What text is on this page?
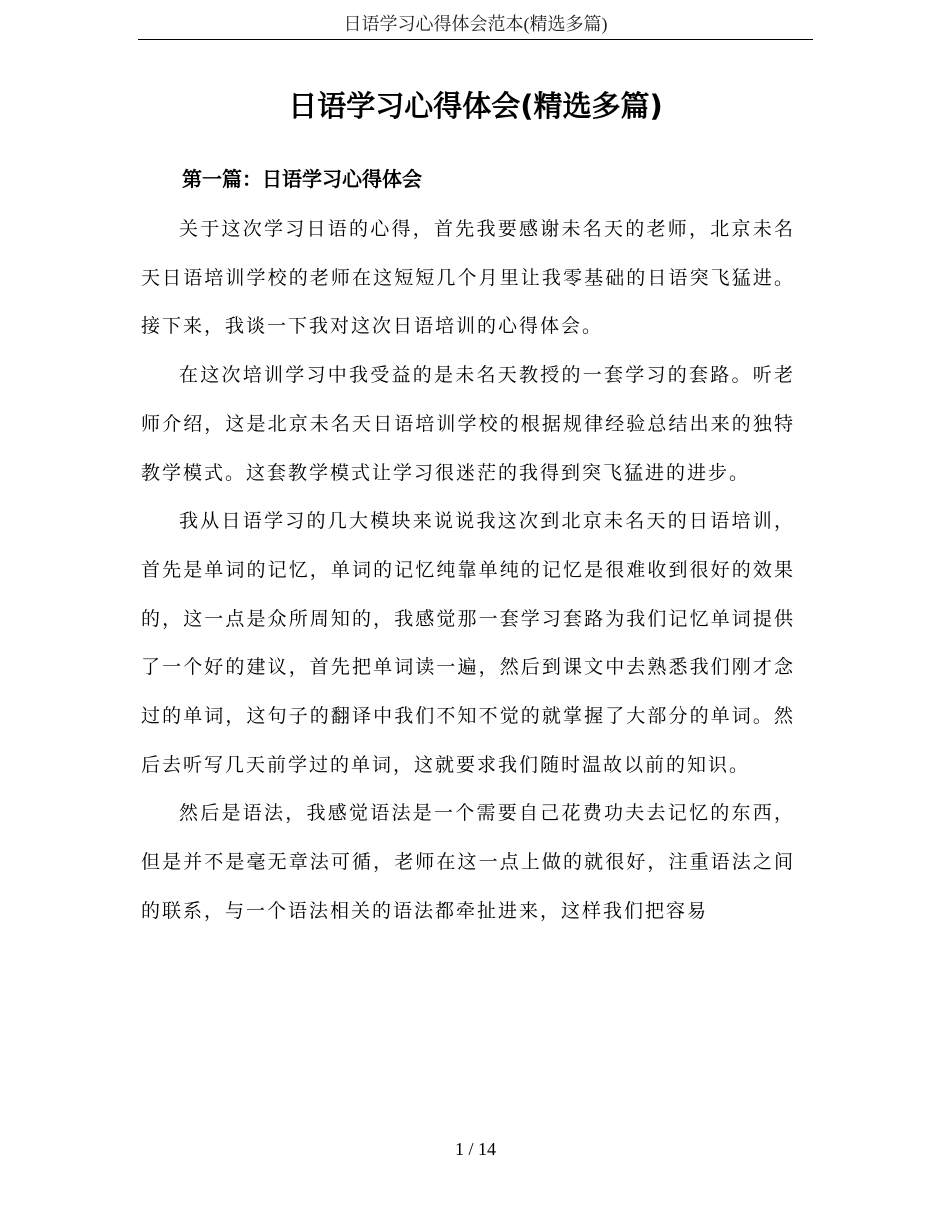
日语学习心得体会范本(精选多篇)
日语学习心得体会(精选多篇)
第一篇：日语学习心得体会

关于这次学习日语的心得，首先我要感谢未名天的老师，北京未名天日语培训学校的老师在这短短几个月里让我零基础的日语突飞猛进。接下来，我谈一下我对这次日语培训的心得体会。

在这次培训学习中我受益的是未名天教授的一套学习的套路。听老师介绍，这是北京未名天日语培训学校的根据规律经验总结出来的独特教学模式。这套教学模式让学习很迷茫的我得到突飞猛进的进步。

我从日语学习的几大模块来说说我这次到北京未名天的日语培训，首先是单词的记忆，单词的记忆纯靠单纯的记忆是很难收到很好的效果的，这一点是众所周知的，我感觉那一套学习套路为我们记忆单词提供了一个好的建议，首先把单词读一遍，然后到课文中去熟悉我们刚才念过的单词，这句子的翻译中我们不知不觉的就掌握了大部分的单词。然后去听写几天前学过的单词，这就要求我们随时温故以前的知识。

然后是语法，我感觉语法是一个需要自己花费功夫去记忆的东西，但是并不是毫无章法可循，老师在这一点上做的就很好，注重语法之间的联系，与一个语法相关的语法都牵扯进来，这样我们把容易

1 / 14
